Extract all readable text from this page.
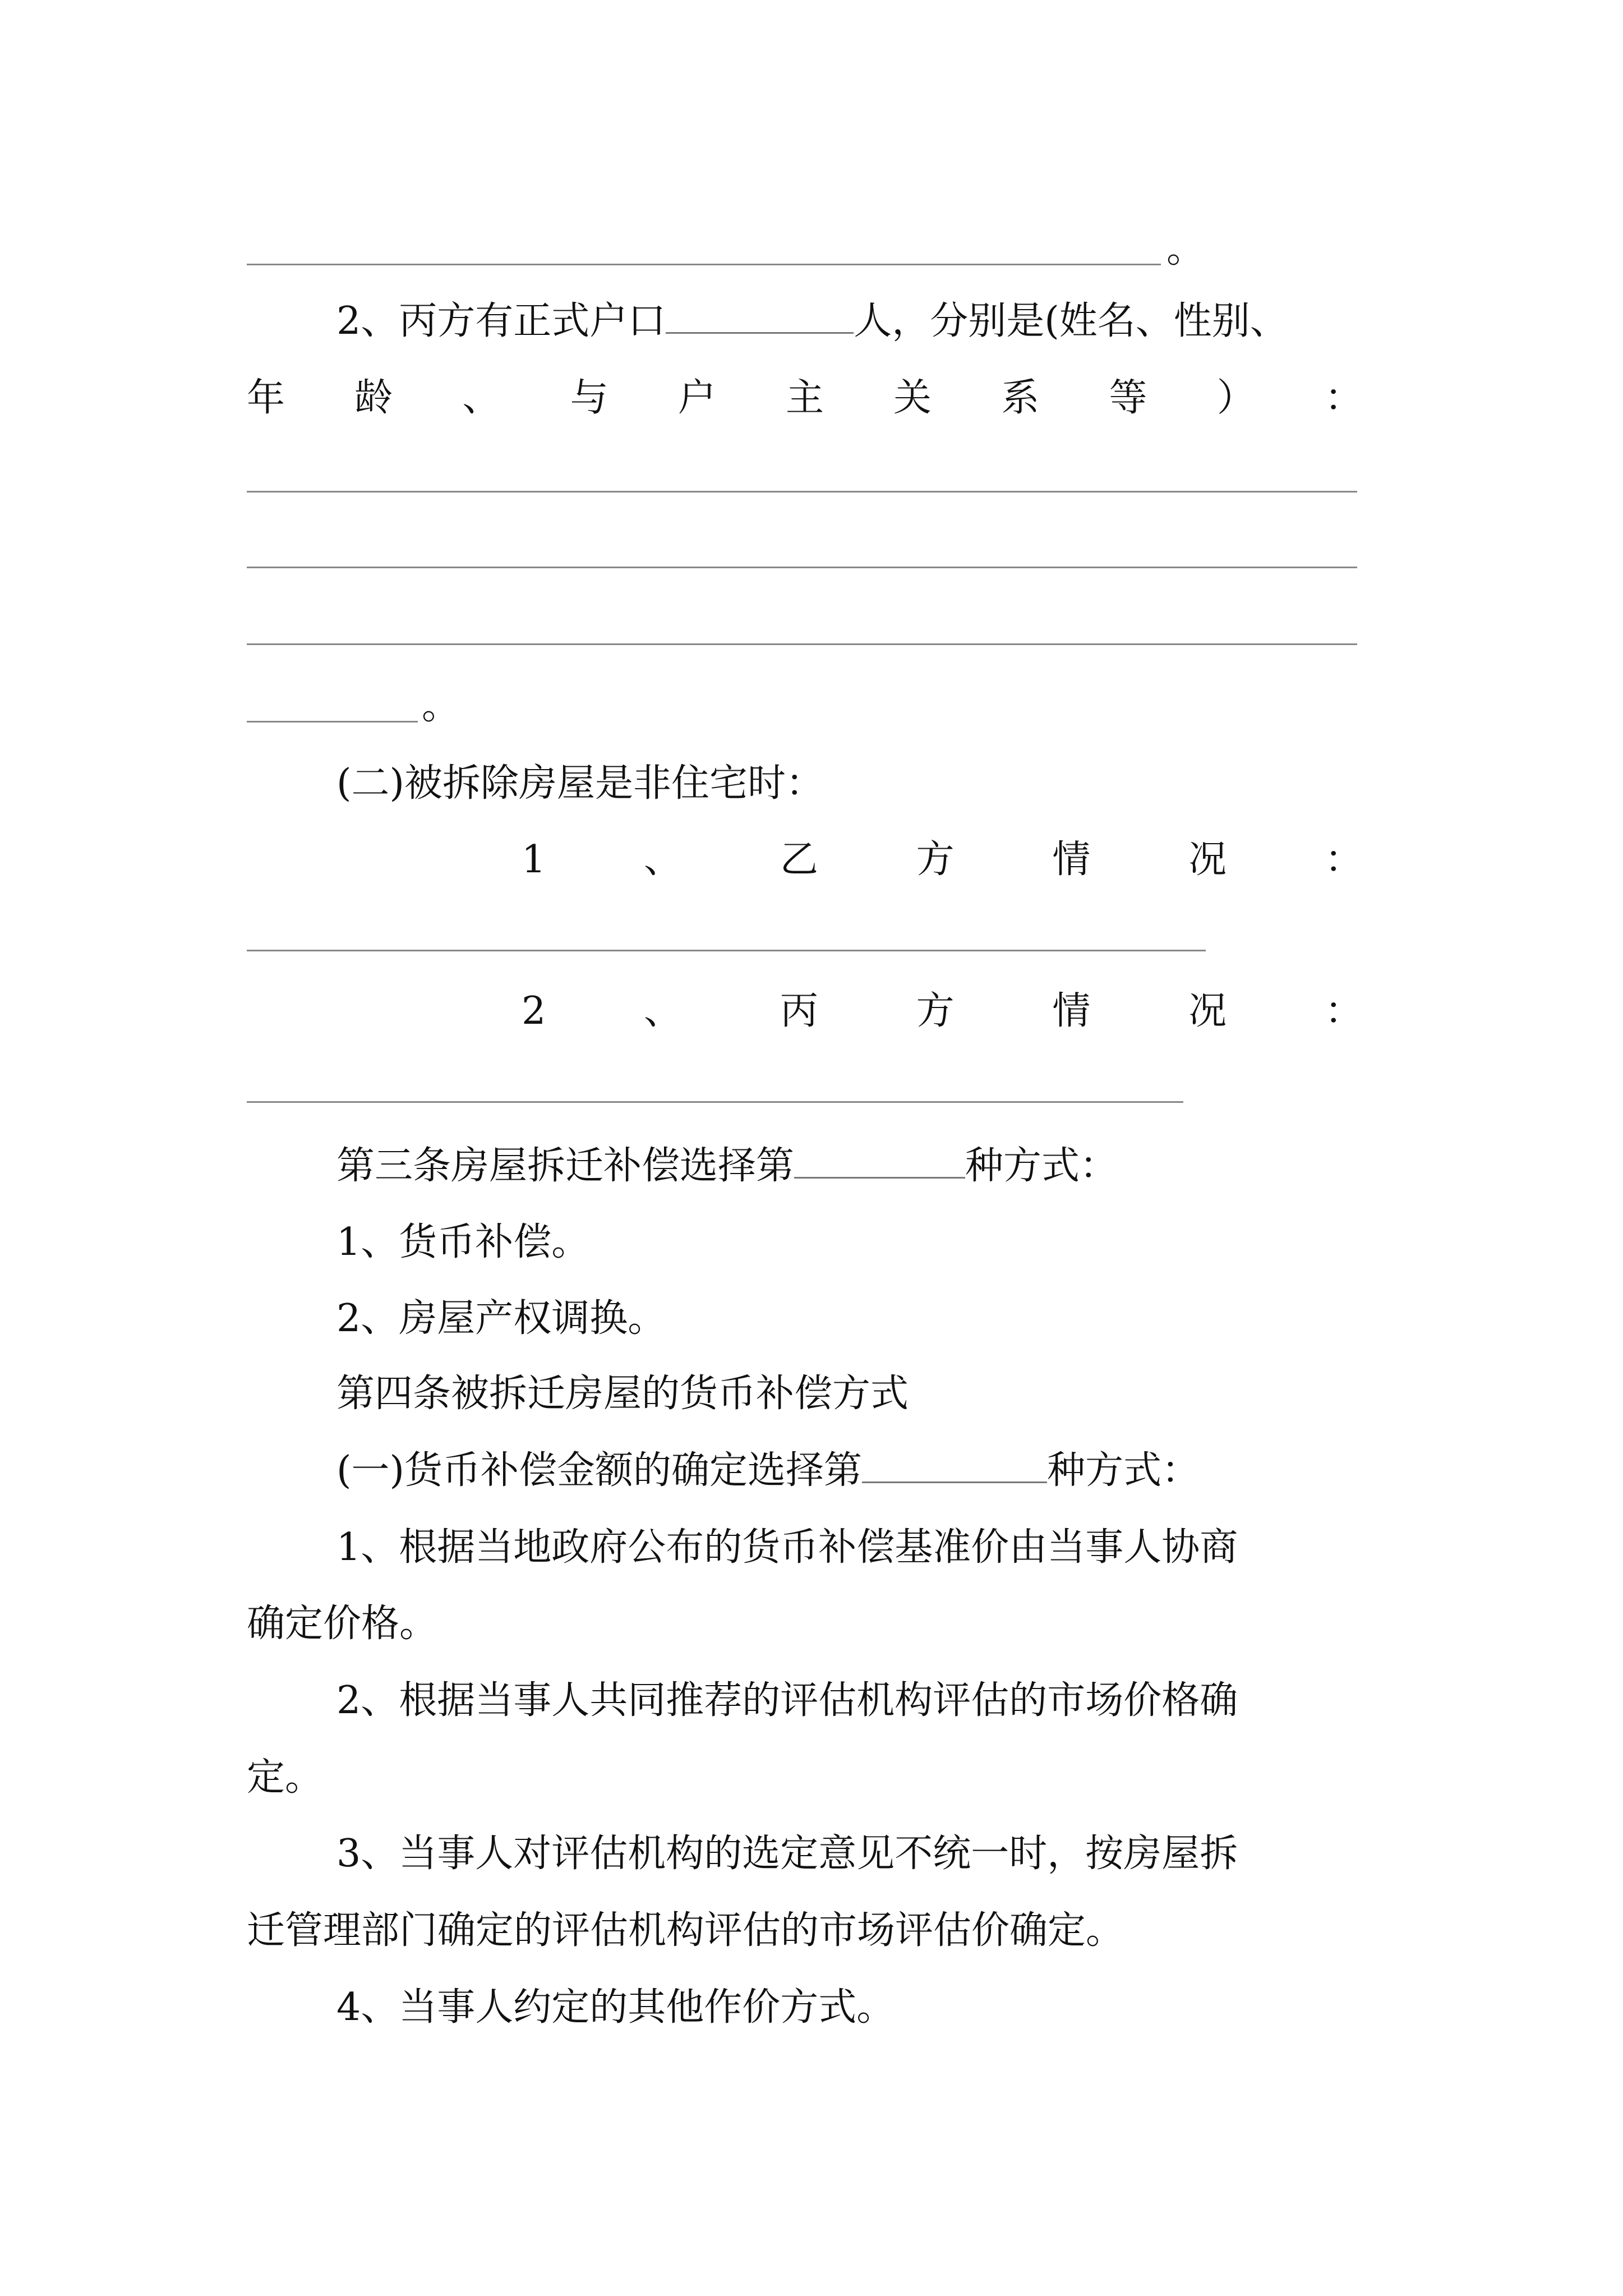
。
2、丙方有正式户口	人，分别是(姓名、性别、
年 龄 、 与 户 主 关 系 等 ） ：
。
(二)被拆除房屋是非住宅时：
1	、	乙	方	情	况	：
2	、	丙	方	情	况	：
第三条房屋拆迁补偿选择第	种方式：
1、货币补偿。
2、房屋产权调换。
第四条被拆迁房屋的货币补偿方式
(一)货币补偿金额的确定选择第	种方式：
1、根据当地政府公布的货币补偿基准价由当事人协商
确定价格。
2、根据当事人共同推荐的评估机构评估的市场价格确
定。
3、当事人对评估机构的选定意见不统一时，按房屋拆
迁管理部门确定的评估机构评估的市场评估价确定。
4、当事人约定的其他作价方式。
